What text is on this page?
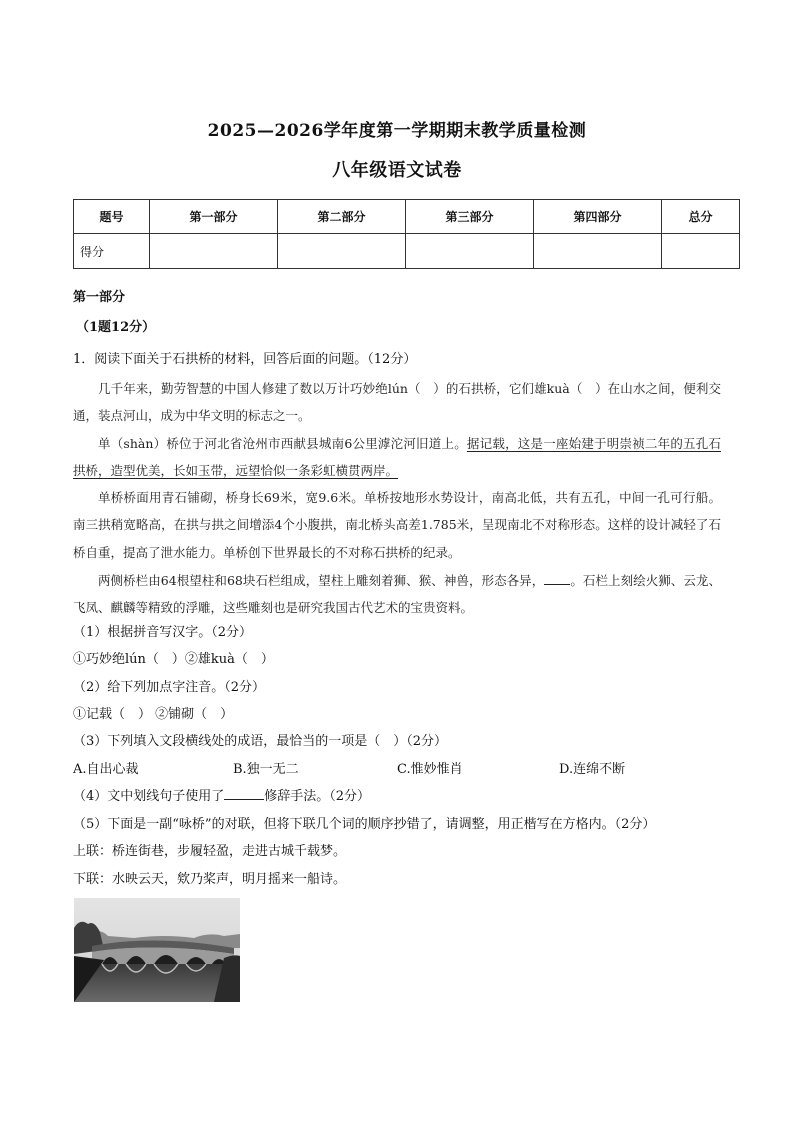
2025—2026学年度第一学期期末教学质量检测
八年级语文试卷
题号	第一部分	第二部分	第三部分	第四部分	总分
得分					
第一部分
（1题12分）
1．阅读下面关于石拱桥的材料，回答后面的问题。（12分）
几千年来，勤劳智慧的中国人修建了数以万计巧妙绝lún（　）的石拱桥，它们雄kuà（　）在山水之间，便利交通，装点河山，成为中华文明的标志之一。
单（shàn）桥位于河北省沧州市西献县城南6公里滹沱河旧道上。据记载，这是一座始建于明崇祯二年的五孔石拱桥，造型优美，长如玉带，远望恰似一条彩虹横贯两岸。
单桥桥面用青石铺砌，桥身长69米，宽9.6米。单桥按地形水势设计，南高北低，共有五孔，中间一孔可行船。南三拱稍宽略高，在拱与拱之间增添4个小腹拱，南北桥头高差1.785米，呈现南北不对称形态。这样的设计减轻了石桥自重，提高了泄水能力。单桥创下世界最长的不对称石拱桥的纪录。
两侧桥栏由64根望柱和68块石栏组成，望柱上雕刻着狮、猴、神兽，形态各异， 。石栏上刻绘火狮、云龙、飞凤、麒麟等精致的浮雕，这些雕刻也是研究我国古代艺术的宝贵资料。
（1）根据拼音写汉字。（2分）
①巧妙绝lún（　）②雄kuà（　）
（2）给下列加点字注音。（2分）
①记载（　） ②铺砌（　）
（3）下列填入文段横线处的成语，最恰当的一项是（　）（2分）
A.自出心裁	B.独一无二	C.惟妙惟肖	D.连绵不断
（4）文中划线句子使用了	修辞手法。（2分）
（5）下面是一副“咏桥”的对联，但将下联几个词的顺序抄错了，请调整，用正楷写在方格内。（2分）
上联：桥连街巷，步履轻盈，走进古城千载梦。
下联：水映云天，欸乃桨声，明月摇来一船诗。
